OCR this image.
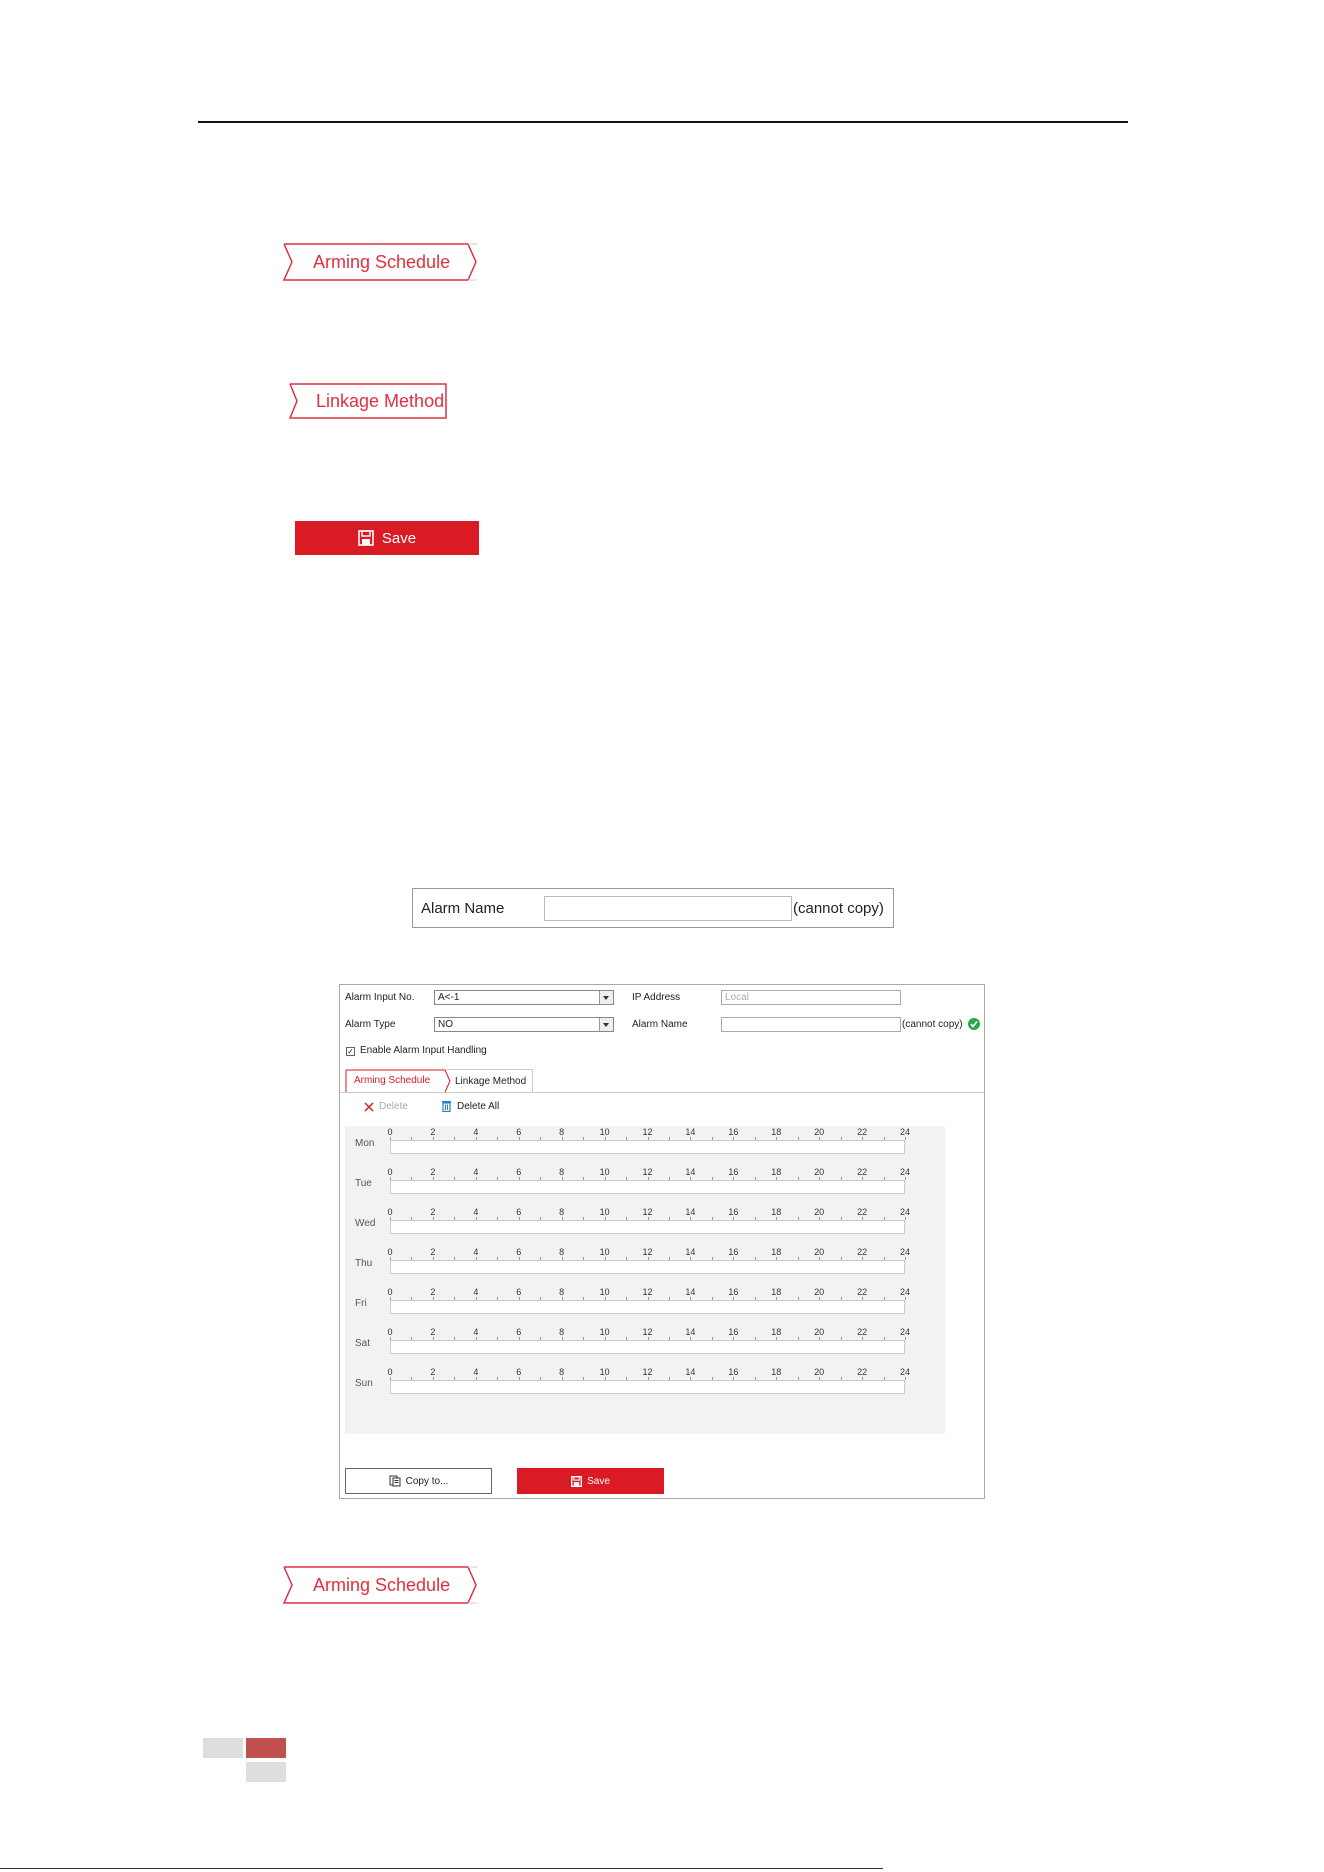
Arming Schedule
Linkage Method
Save
Alarm Name	(cannot copy)
Alarm Input No.	A<-1	IP Address	Local
Alarm Type	NO	Alarm Name	(cannot copy)
✓ Enable Alarm Input Handling
Arming Schedule Linkage Method
Delete	Delete All
0	2	4	6	8	10	12	14	16	18	20	22	24
Mon
0	2	4	6	8	10	12	14	16	18	20	22	24
Tue
0	2	4	6	8	10	12	14	16	18	20	22	24
Wed
0	2	4	6	8	10	12	14	16	18	20	22	24
Thu
0	2	4	6	8	10	12	14	16	18	20	22	24
Fri
0	2	4	6	8	10	12	14	16	18	20	22	24
Sat
0	2	4	6	8	10	12	14	16	18	20	22	24
Sun
Copy to...	Save
Arming Schedule
